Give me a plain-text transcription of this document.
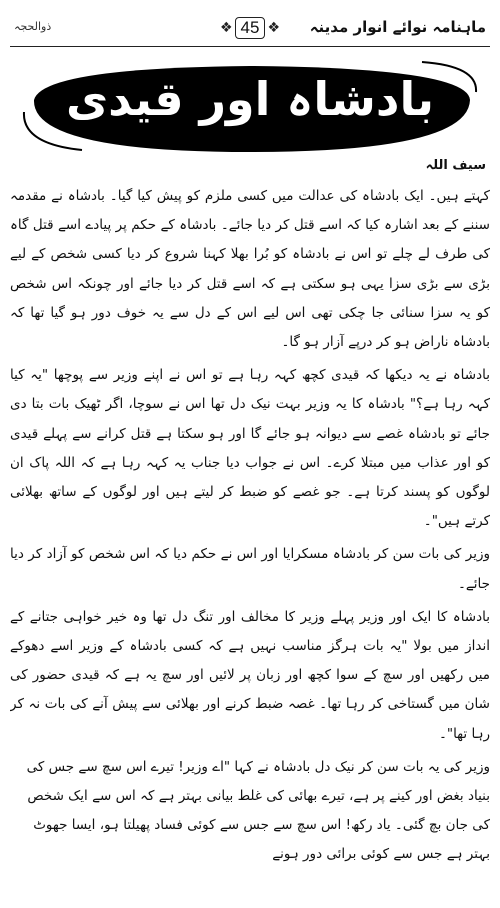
ذوالحجہ	❖ 45 ❖ ماہنامہ نوائے انوار مدینہ
بادشاہ اور قیدی
سیف اللہ

کہتے ہیں۔ ایک بادشاہ کی عدالت میں کسی ملزم کو پیش کیا گیا۔ بادشاہ نے مقدمہ سننے کے بعد اشارہ کیا کہ اسے قتل کر دیا جائے۔ بادشاہ کے حکم پر پیادے اسے قتل گاہ کی طرف لے چلے تو اس نے بادشاہ کو بُرا بھلا کہنا شروع کر دیا کسی شخص کے لیے بڑی سے بڑی سزا یہی ہو سکتی ہے کہ اسے قتل کر دیا جائے اور چونکہ اس شخص کو یہ سزا سنائی جا چکی تھی اس لیے اس کے دل سے یہ خوف دور ہو گیا تھا کہ بادشاہ ناراض ہو کر درپے آزار ہو گا۔

بادشاہ نے یہ دیکھا کہ قیدی کچھ کہہ رہا ہے تو اس نے اپنے وزیر سے پوچھا "یہ کیا کہہ رہا ہے؟" بادشاہ کا یہ وزیر بہت نیک دل تھا اس نے سوچا، اگر ٹھیک بات بتا دی جائے تو بادشاہ غصے سے دیوانہ ہو جائے گا اور ہو سکتا ہے قتل کرانے سے پہلے قیدی کو اور عذاب میں مبتلا کرے۔ اس نے جواب دیا جناب یہ کہہ رہا ہے کہ اللہ پاک ان لوگوں کو پسند کرتا ہے۔ جو غصے کو ضبط کر لیتے ہیں اور لوگوں کے ساتھ بھلائی کرتے ہیں"۔

وزیر کی بات سن کر بادشاہ مسکرایا اور اس نے حکم دیا کہ اس شخص کو آزاد کر دیا جائے۔

بادشاہ کا ایک اور وزیر پہلے وزیر کا مخالف اور تنگ دل تھا وہ خیر خواہی جتانے کے انداز میں بولا "یہ بات ہرگز مناسب نہیں ہے کہ کسی بادشاہ کے وزیر اسے دھوکے میں رکھیں اور سچ کے سوا کچھ اور زبان پر لائیں اور سچ یہ ہے کہ قیدی حضور کی شان میں گستاخی کر رہا تھا۔ غصہ ضبط کرنے اور بھلائی سے پیش آنے کی بات نہ کر رہا تھا"۔

وزیر کی یہ بات سن کر نیک دل بادشاہ نے کہا "اے وزیر! تیرے اس سچ سے جس کی بنیاد بغض اور کینے پر ہے، تیرے بھائی کی غلط بیانی بہتر ہے کہ اس سے ایک شخص کی جان بچ گئی۔ یاد رکھ! اس سچ سے جس سے کوئی فساد پھیلتا ہو، ایسا جھوٹ بہتر ہے جس سے کوئی برائی دور ہونے
